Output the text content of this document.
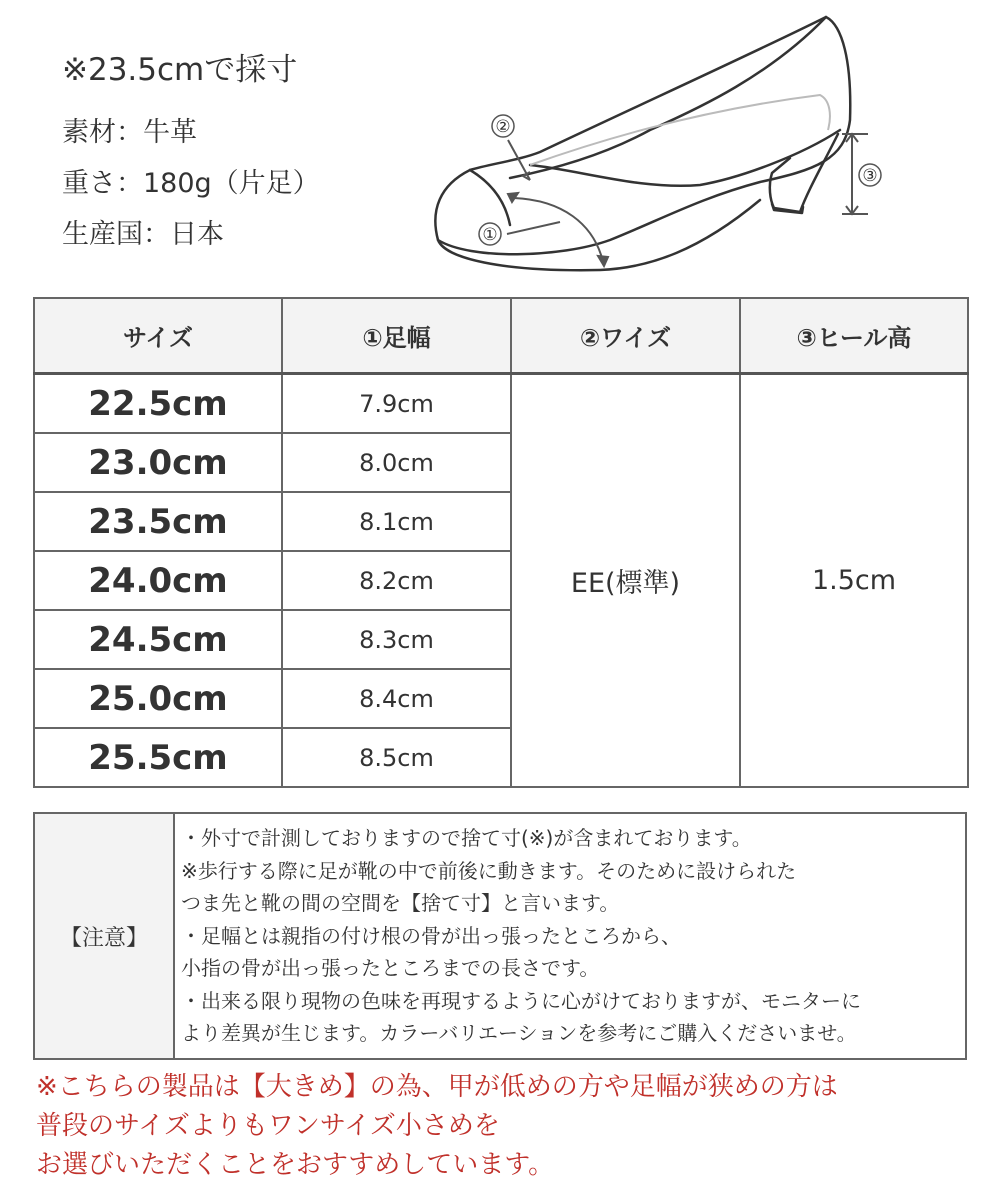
※23.5cmで採寸
素材：牛革
重さ：180g（片足）
生産国：日本	①
②
③
サイズ	①足幅	②ワイズ	③ヒール高
22.5cm	7.9cm	EE(標準)	1.5cm
23.0cm	8.0cm		
23.5cm	8.1cm		
24.0cm	8.2cm		
24.5cm	8.3cm		
25.0cm	8.4cm		
25.5cm	8.5cm		
【注意】	
・外寸で計測しておりますので捨て寸(※)が含まれております。
※歩行する際に足が靴の中で前後に動きます。そのために設けられた
つま先と靴の間の空間を【捨て寸】と言います。
・足幅とは親指の付け根の骨が出っ張ったところから、
小指の骨が出っ張ったところまでの長さです。
・出来る限り現物の色味を再現するように心がけておりますが、モニターに
より差異が生じます。カラーバリエーションを参考にご購入くださいませ。
※こちらの製品は【大きめ】の為、甲が低めの方や足幅が狭めの方は
普段のサイズよりもワンサイズ小さめを
お選びいただくことをおすすめしています。
